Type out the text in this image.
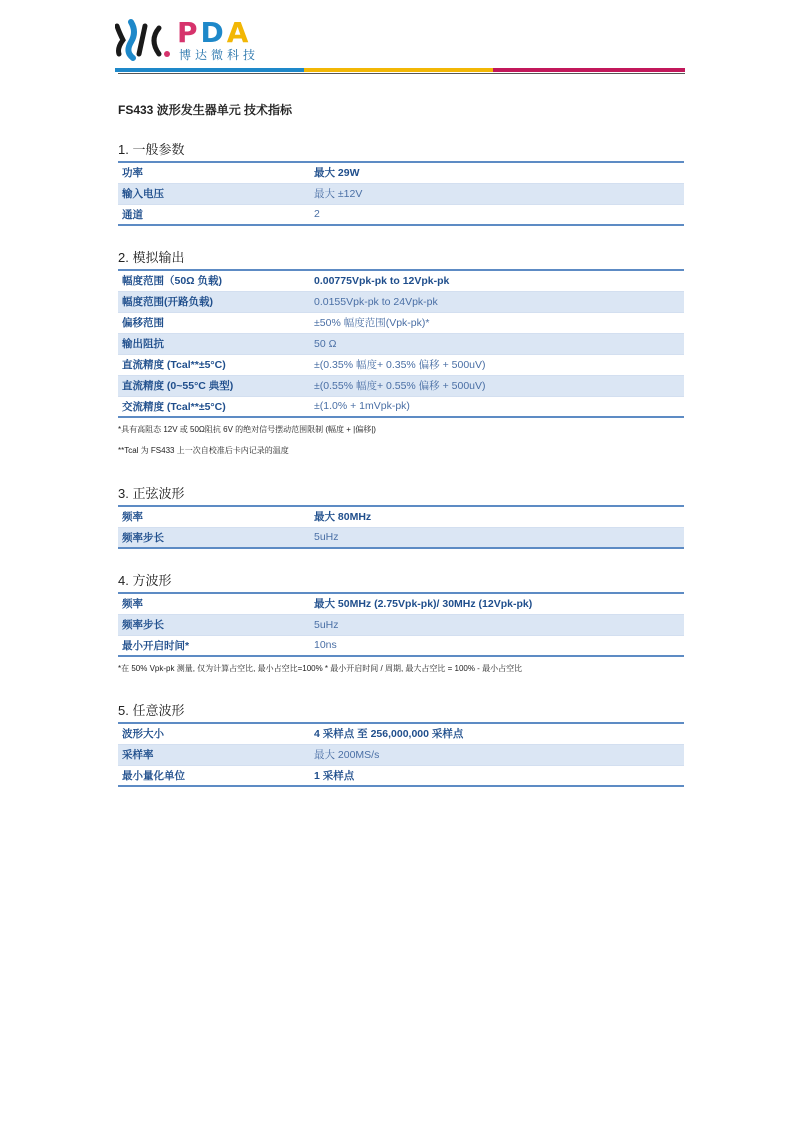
PDA
博达微科技
FS433 波形发生器单元 技术指标
1. 一般参数
功率	最大 29W
输入电压	最大 ±12V
通道	2
2. 模拟输出
幅度范围（50Ω 负载)	0.00775Vpk-pk to 12Vpk-pk
幅度范围(开路负载)	0.0155Vpk-pk to 24Vpk-pk
偏移范围	±50% 幅度范围(Vpk-pk)*
输出阻抗	50 Ω
直流精度 (Tcal**±5°C)	±(0.35% 幅度+ 0.35% 偏移 + 500uV)
直流精度 (0~55°C 典型)	±(0.55% 幅度+ 0.55% 偏移 + 500uV)
交流精度 (Tcal**±5°C)	±(1.0% + 1mVpk-pk)
*具有高阻态 12V 或 50Ω阻抗 6V 的绝对信号摆动范围限制 (幅度 + |偏移|)
**Tcal 为 FS433 上一次自校准后卡内记录的温度
3. 正弦波形
频率	最大 80MHz
频率步长	5uHz
4. 方波形
频率	最大 50MHz (2.75Vpk-pk)/ 30MHz (12Vpk-pk)
频率步长	5uHz
最小开启时间*	10ns
*在 50% Vpk-pk 测量, 仅为计算占空比, 最小占空比=100% * 最小开启时间 / 周期, 最大占空比 = 100% - 最小占空比
5. 任意波形
波形大小	4 采样点 至 256,000,000 采样点
采样率	最大 200MS/s
最小量化单位	1 采样点
